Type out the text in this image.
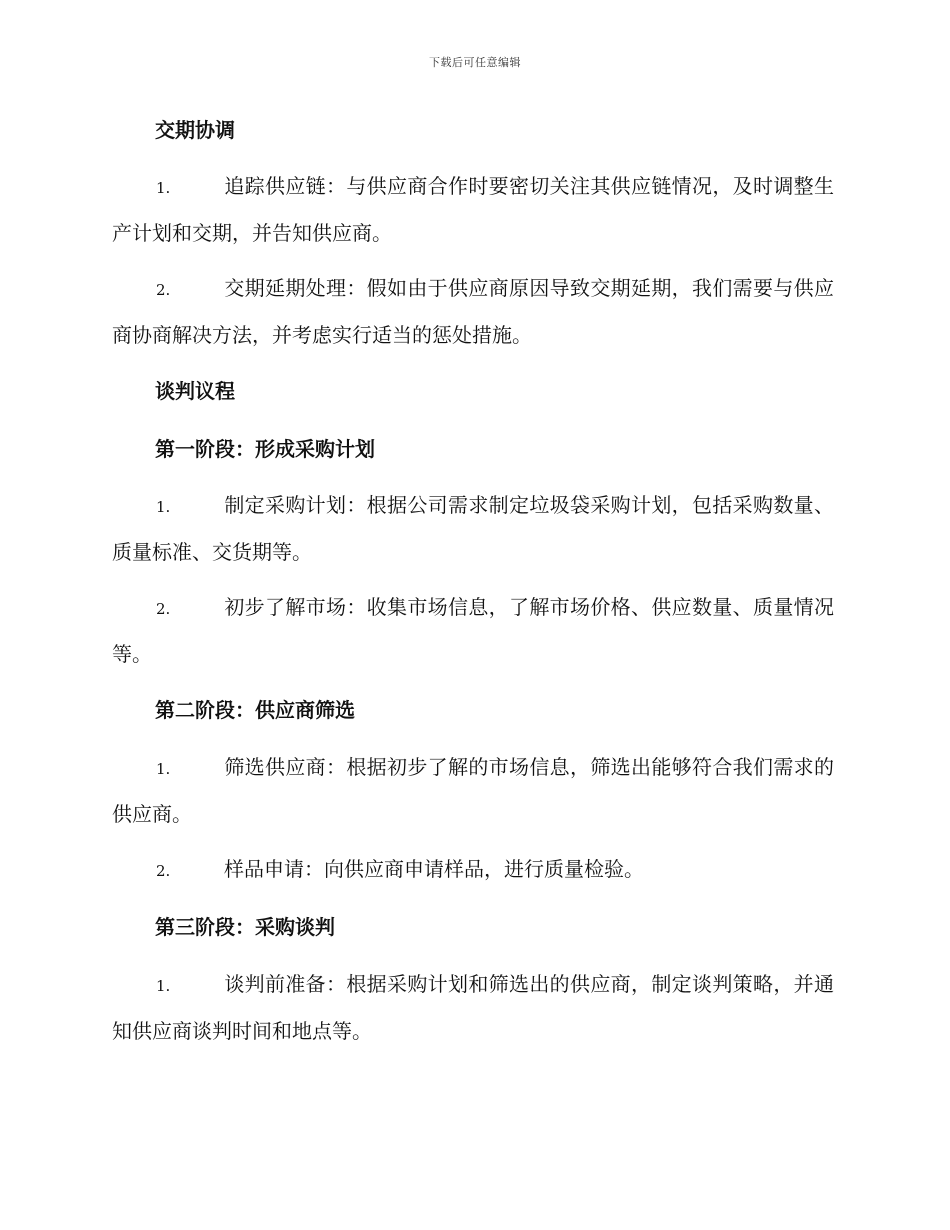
下载后可任意编辑
交期协调
1.	追踪供应链：与供应商合作时要密切关注其供应链情况，及时调整生产计划和交期，并告知供应商。
2.	交期延期处理：假如由于供应商原因导致交期延期，我们需要与供应商协商解决方法，并考虑实行适当的惩处措施。
谈判议程
第一阶段：形成采购计划
1.	制定采购计划：根据公司需求制定垃圾袋采购计划，包括采购数量、质量标准、交货期等。
2.	初步了解市场：收集市场信息，了解市场价格、供应数量、质量情况等。
第二阶段：供应商筛选
1.	筛选供应商：根据初步了解的市场信息，筛选出能够符合我们需求的供应商。
2.	样品申请：向供应商申请样品，进行质量检验。
第三阶段：采购谈判
1.	谈判前准备：根据采购计划和筛选出的供应商，制定谈判策略，并通知供应商谈判时间和地点等。
